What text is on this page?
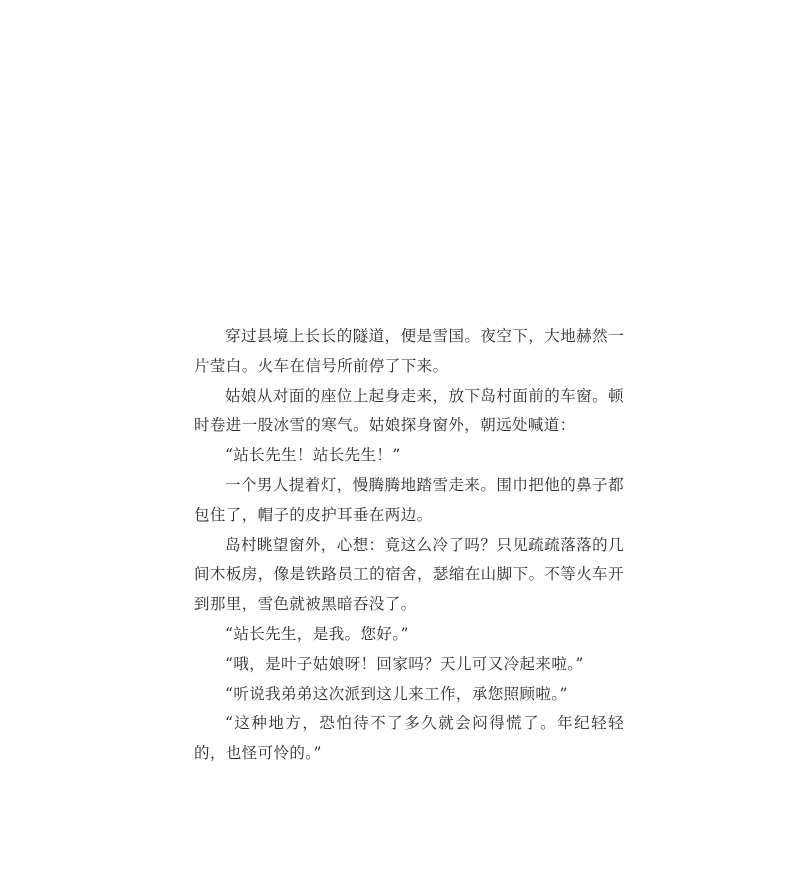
穿过县境上长长的隧道，便是雪国。夜空下，大地赫然一片莹白。火车在信号所前停了下来。

姑娘从对面的座位上起身走来，放下岛村面前的车窗。顿时卷进一股冰雪的寒气。姑娘探身窗外，朝远处喊道：

“站长先生！站长先生！”

一个男人提着灯，慢腾腾地踏雪走来。围巾把他的鼻子都包住了，帽子的皮护耳垂在两边。

岛村眺望窗外，心想：竟这么冷了吗？只见疏疏落落的几间木板房，像是铁路员工的宿舍，瑟缩在山脚下。不等火车开到那里，雪色就被黑暗吞没了。

“站长先生，是我。您好。”

“哦，是叶子姑娘呀！回家吗？天儿可又冷起来啦。”

“听说我弟弟这次派到这儿来工作，承您照顾啦。”

“这种地方，恐怕待不了多久就会闷得慌了。年纪轻轻的，也怪可怜的。”
